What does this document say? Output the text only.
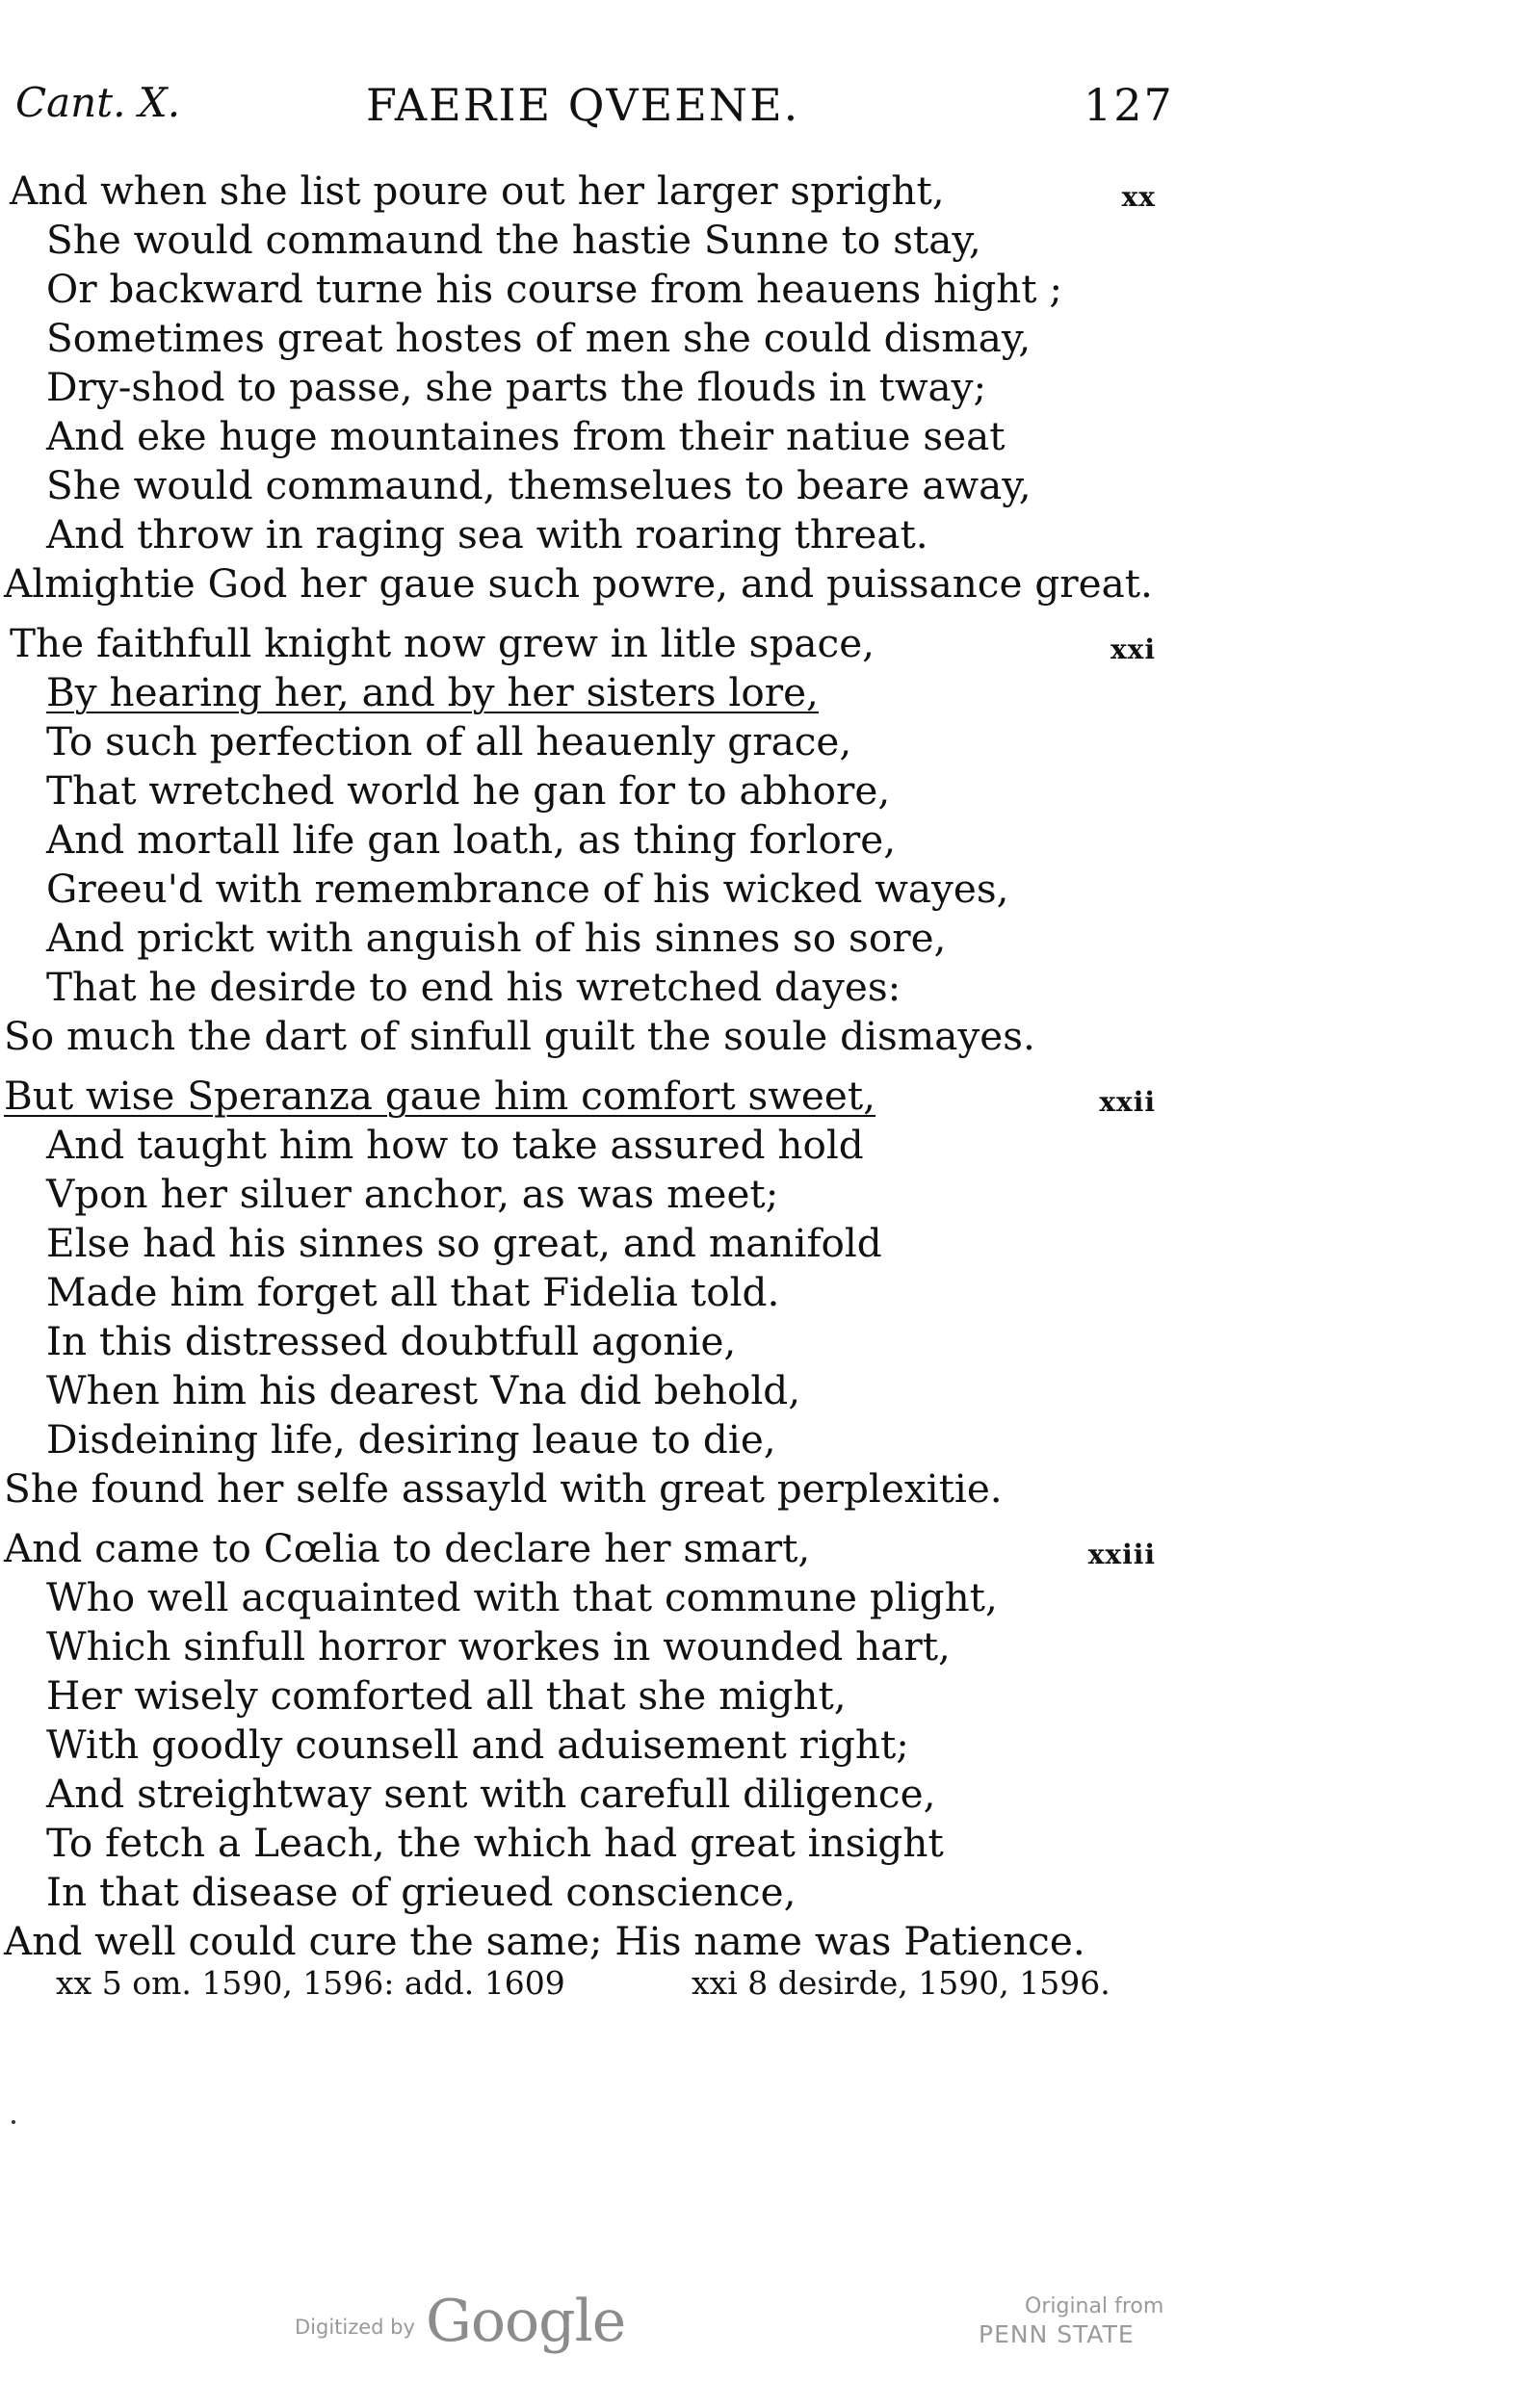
Cant. X.	FAERIE QVEENE.	127
xx
And when she list poure out her larger spright,
She would commaund the hastie Sunne to stay,
Or backward turne his course from heauens hight ;
Sometimes great hostes of men she could dismay,
Dry-shod to passe, she parts the flouds in tway;
And eke huge mountaines from their natiue seat
She would commaund, themselues to beare away,
And throw in raging sea with roaring threat.
Almightie God her gaue such powre, and puissance great.
xxi
The faithfull knight now grew in litle space,
By hearing her, and by her sisters lore,
To such perfection of all heauenly grace,
That wretched world he gan for to abhore,
And mortall life gan loath, as thing forlore,
Greeu'd with remembrance of his wicked wayes,
And prickt with anguish of his sinnes so sore,
That he desirde to end his wretched dayes:
So much the dart of sinfull guilt the soule dismayes.
xxii
But wise Speranza gaue him comfort sweet,
And taught him how to take assured hold
Vpon her siluer anchor, as was meet;
Else had his sinnes so great, and manifold
Made him forget all that Fidelia told.
In this distressed doubtfull agonie,
When him his dearest Vna did behold,
Disdeining life, desiring leaue to die,
She found her selfe assayld with great perplexitie.
xxiii
And came to Cœlia to declare her smart,
Who well acquainted with that commune plight,
Which sinfull horror workes in wounded hart,
Her wisely comforted all that she might,
With goodly counsell and aduisement right;
And streightway sent with carefull diligence,
To fetch a Leach, the which had great insight
In that disease of grieued conscience,
And well could cure the same; His name was Patience.
xx 5 om. 1590, 1596: add. 1609	xxi 8 desirde, 1590, 1596.
Digitized by Google	Original from
PENN STATE
